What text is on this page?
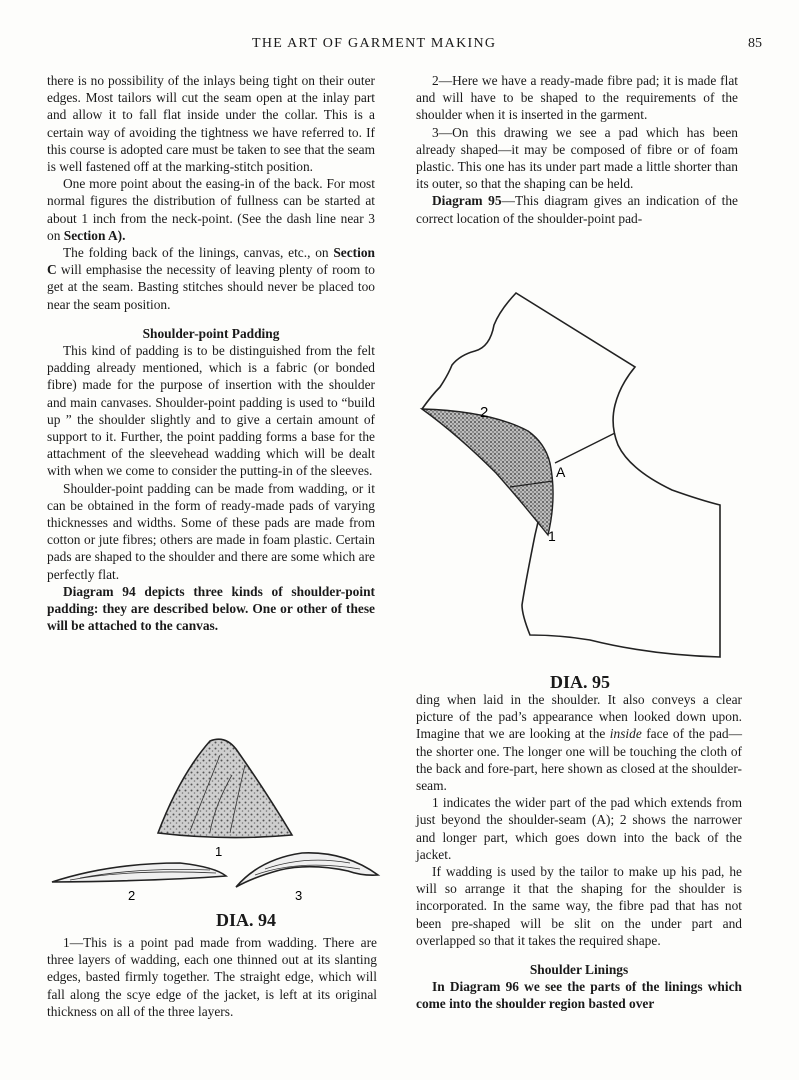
THE ART OF GARMENT MAKING	85

there is no possibility of the inlays being tight on their outer edges. Most tailors will cut the seam open at the inlay part and allow it to fall flat inside under the collar. This is a certain way of avoiding the tightness we have referred to. If this course is adopted care must be taken to see that the seam is well fastened off at the marking-stitch position.

One more point about the easing-in of the back. For most normal figures the distribution of fullness can be started at about 1 inch from the neck-point. (See the dash line near 3 on Section A).

The folding back of the linings, canvas, etc., on Section C will emphasise the necessity of leaving plenty of room to get at the seam. Basting stitches should never be placed too near the seam position.

Shoulder-point Padding

This kind of padding is to be distinguished from the felt padding already mentioned, which is a fabric (or bonded fibre) made for the purpose of insertion with the shoulder and main canvases. Shoulder-point padding is used to “build up ” the shoulder slightly and to give a certain amount of support to it. Further, the point padding forms a base for the attachment of the sleevehead wadding which will be dealt with when we come to consider the putting-in of the sleeves.

Shoulder-point padding can be made from wadding, or it can be obtained in the form of ready-made pads of varying thicknesses and widths. Some of these pads are made from cotton or jute fibres; others are made in foam plastic. Certain pads are shaped to the shoulder and there are some which are perfectly flat.

Diagram 94 depicts three kinds of shoulder-point padding: they are described below. One or other of these will be attached to the canvas.

1
2	3
DIA. 94

1—This is a point pad made from wadding. There are three layers of wadding, each one thinned out at its slanting edges, basted firmly together. The straight edge, which will fall along the scye edge of the jacket, is left at its original thickness on all of the three layers.

2—Here we have a ready-made fibre pad; it is made flat and will have to be shaped to the requirements of the shoulder when it is inserted in the garment.

3—On this drawing we see a pad which has been already shaped—it may be composed of fibre or of foam plastic. This one has its under part made a little shorter than its outer, so that the shaping can be held.

Diagram 95—This diagram gives an indication of the correct location of the shoulder-point pad-

2
A
1
DIA. 95

ding when laid in the shoulder. It also conveys a clear picture of the pad’s appearance when looked down upon. Imagine that we are looking at the inside face of the pad—the shorter one. The longer one will be touching the cloth of the back and fore-part, here shown as closed at the shoulder-seam.

1 indicates the wider part of the pad which extends from just beyond the shoulder-seam (A); 2 shows the narrower and longer part, which goes down into the back of the jacket.

If wadding is used by the tailor to make up his pad, he will so arrange it that the shaping for the shoulder is incorporated. In the same way, the fibre pad that has not been pre-shaped will be slit on the under part and overlapped so that it takes the required shape.

Shoulder Linings

In Diagram 96 we see the parts of the linings which come into the shoulder region basted over
